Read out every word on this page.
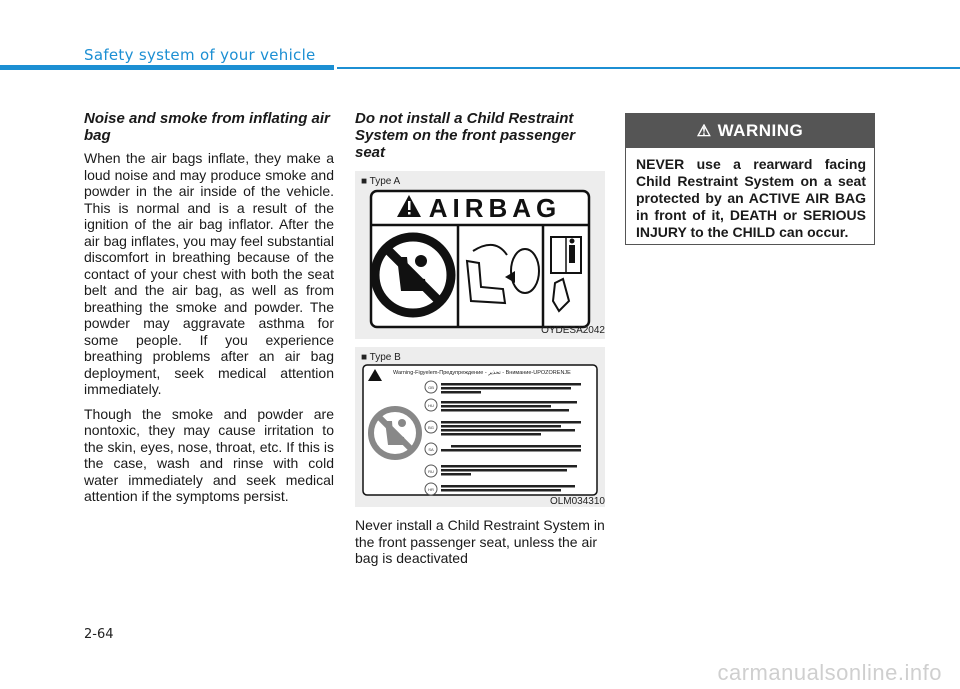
Safety system of your vehicle
Noise and smoke from inflating air bag

When the air bags inflate, they make a loud noise and may produce smoke and powder in the air inside of the vehicle. This is normal and is a result of the ignition of the air bag inflator. After the air bag inflates, you may feel substantial discomfort in breathing because of the contact of your chest with both the seat belt and the air bag, as well as from breathing the smoke and powder. The powder may aggravate asthma for some people. If you experience breathing problems after an air bag deployment, seek medical attention immediately.

Though the smoke and powder are nontoxic, they may cause irritation to the skin, eyes, nose, throat, etc. If this is the case, wash and rinse with cold water immediately and seek medical attention if the symptoms persist.

Do not install a Child Restraint System on the front passenger seat
■ Type A
AIRBAG
OYDESA2042
■ Type B
GB
HU
BG
SA
RU
HR
Warning-Figyelem-Предупреждение - تحذير - Внимание-UPOZORENJE
OLM034310

Never install a Child Restraint System in the front passenger seat, unless the air bag is deactivated

⚠ WARNING
NEVER use a rearward facing Child Restraint System on a seat protected by an ACTIVE AIR BAG in front of it, DEATH or SERIOUS INJURY to the CHILD can occur.
2-64
carmanualsonline.info
